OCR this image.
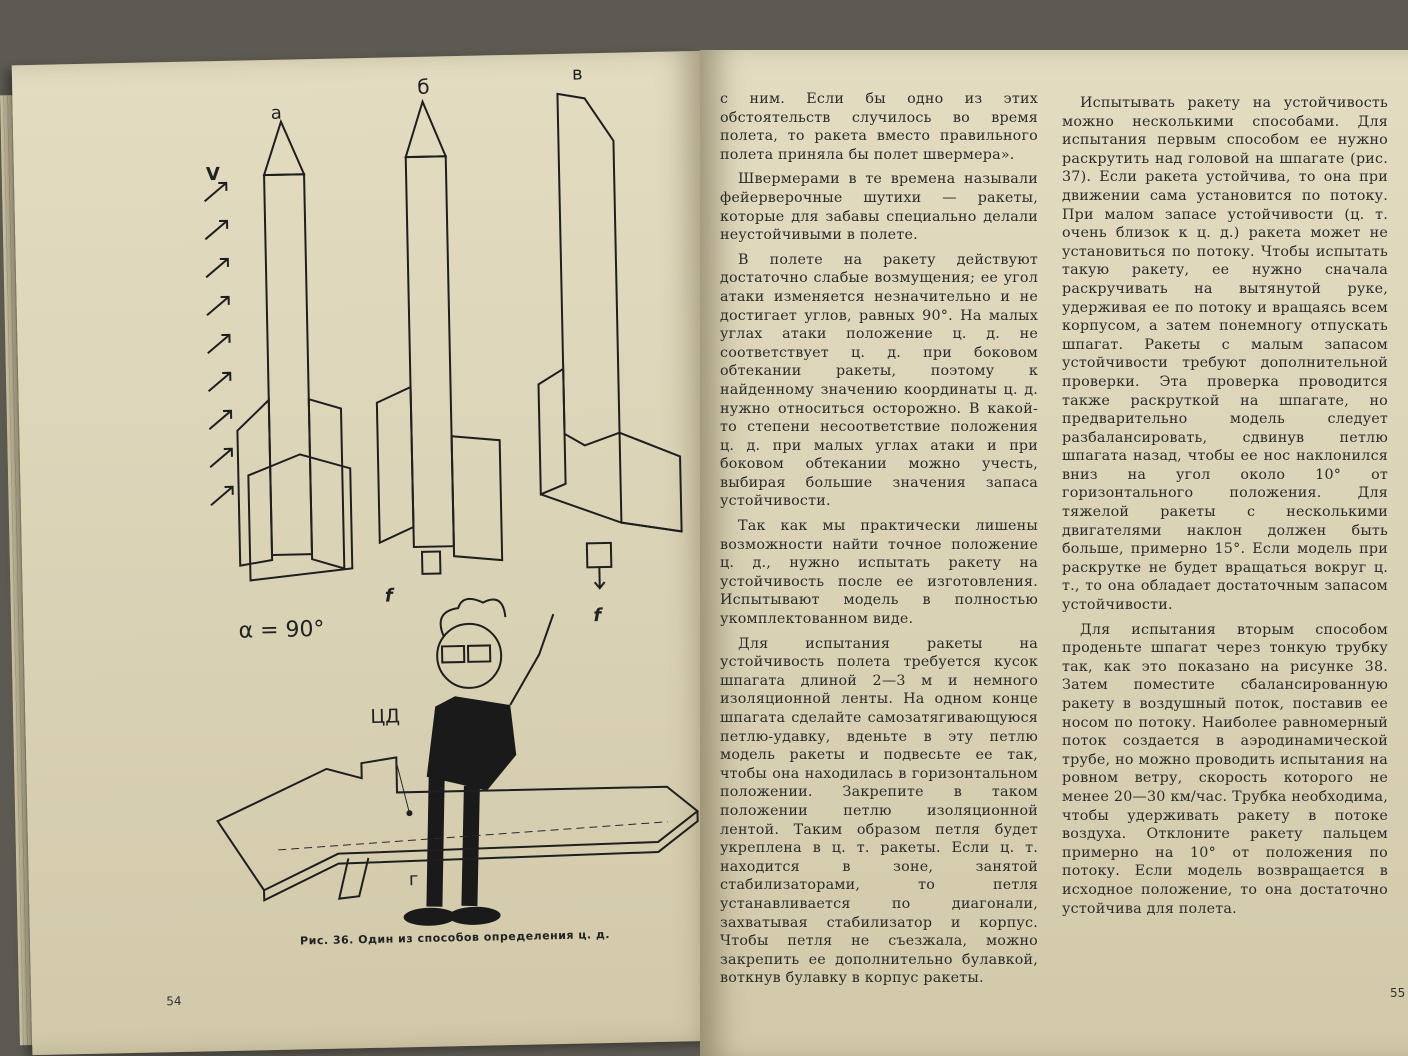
а
б
в
V
α = 90°
f
f
ЦД
г
Рис. 36. Один из способов определения ц. д.
54

с ним. Если бы одно из этих обстоятельств случилось во время полета, то ракета вместо правильного полета приняла бы полет швермера».

Швермерами в те времена называли фейерверочные шутихи — ракеты, которые для забавы специально делали неустойчивыми в полете.

В полете на ракету действуют достаточно слабые возмущения; ее угол атаки изменяется незначительно и не достигает углов, равных 90°. На малых углах атаки положение ц. д. не соответствует ц. д. при боковом обтекании ракеты, поэтому к найденному значению координаты ц. д. нужно относиться осторожно. В какой-то степени несоответствие положения ц. д. при малых углах атаки и при боковом обтекании можно учесть, выбирая большие значения запаса устойчивости.

Так как мы практически лишены возможности найти точное положение ц. д., нужно испытать ракету на устойчивость после ее изготовления. Испытывают модель в полностью укомплектованном виде.

Для испытания ракеты на устойчивость полета требуется кусок шпагата длиной 2—3 м и немного изоляционной ленты. На одном конце шпагата сделайте самозатягивающуюся петлю-удавку, вденьте в эту петлю модель ракеты и подвесьте ее так, чтобы она находилась в горизонтальном положении. Закрепите в таком положении петлю изоляционной лентой. Таким образом петля будет укреплена в ц. т. ракеты. Если ц. т. находится в зоне, занятой стабилизаторами, то петля устанавливается по диагонали, захватывая стабилизатор и корпус. Чтобы петля не съезжала, можно закрепить ее дополнительно булавкой, воткнув булавку в корпус ракеты.

Испытывать ракету на устойчивость можно несколькими способами. Для испытания первым способом ее нужно раскрутить над головой на шпагате (рис. 37). Если ракета устойчива, то она при движении сама установится по потоку. При малом запасе устойчивости (ц. т. очень близок к ц. д.) ракета может не установиться по потоку. Чтобы испытать такую ракету, ее нужно сначала раскручивать на вытянутой руке, удерживая ее по потоку и вращаясь всем корпусом, а затем понемногу отпускать шпагат. Ракеты с малым запасом устойчивости требуют дополнительной проверки. Эта проверка проводится также раскруткой на шпагате, но предварительно модель следует разбалансировать, сдвинув петлю шпагата назад, чтобы ее нос наклонился вниз на угол около 10° от горизонтального положения. Для тяжелой ракеты с несколькими двигателями наклон должен быть больше, примерно 15°. Если модель при раскрутке не будет вращаться вокруг ц. т., то она обладает достаточным запасом устойчивости.

Для испытания вторым способом проденьте шпагат через тонкую трубку так, как это показано на рисунке 38. Затем поместите сбалансированную ракету в воздушный поток, поставив ее носом по потоку. Наиболее равномерный поток создается в аэродинамической трубе, но можно проводить испытания на ровном ветру, скорость которого не менее 20—30 км/час. Трубка необходима, чтобы удерживать ракету в потоке воздуха. Отклоните ракету пальцем примерно на 10° от положения по потоку. Если модель возвращается в исходное положение, то она достаточно устойчива для полета.

55
